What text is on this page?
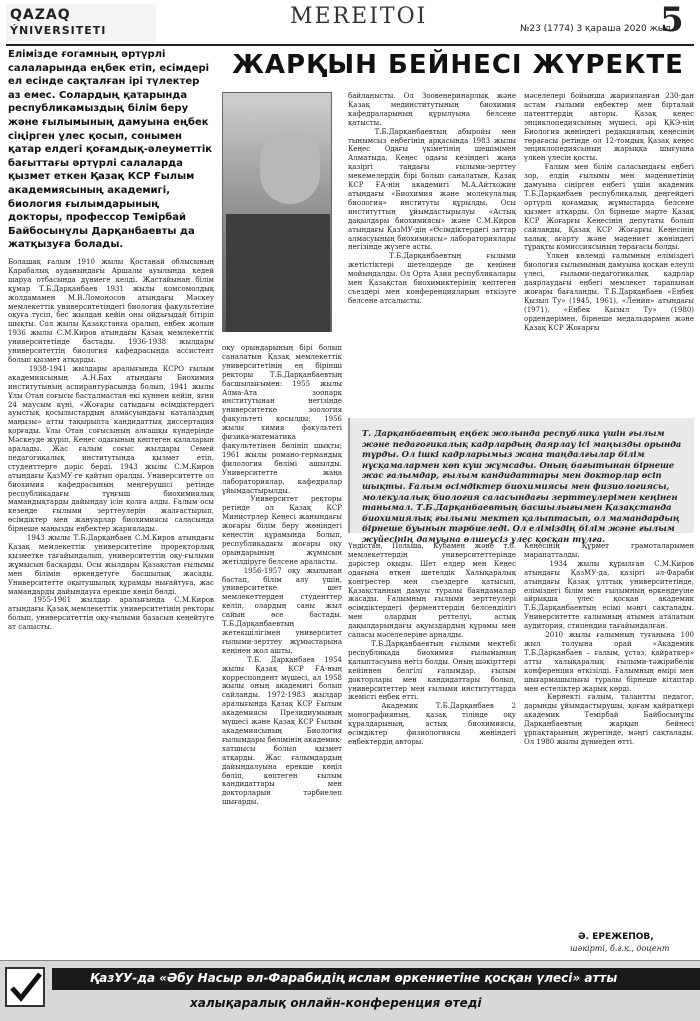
QAZAQ
ÝNIVERSITETI
MEREITOI	№23 (1774) 3 қараша 2020 жыл
5
ЖАРҚЫН БЕЙНЕСІ ЖҮРЕКТЕ
Елімізде ғогамның әртүрлі салаларында еңбек етіп, есімдері ел есінде сақталған ірі түлектер аз емес. Солардың қатарында республикамыздың білім беру және ғылымының дамуына еңбек сіңірген ұлес қосып, сонымен қатар елдегі қоғамдық-әлеуметтік бағыттағы әртүрлі салаларда қызмет еткен Қазақ КСР Ғылым академиясының академигі, биология ғылымдарының докторы, профессор Темірбай Байбосынұлы Дарқанбаевты да жатқызуға болады.
Болашақ ғалым 1910 жылы Қостанай облысының Қарабалық ауданындағы Аршалы ауылында кедей шаруа отбасында дүниеге келді. Жастайынан білім құмар Т.Б.Дарқанбаев 1931 жылы комсомолдық жолдамамен М.В.Ломоносов атындағы Мәскеу мемлекеттік университетіндегі биология факультетіне оқуға түсіп, бес жылдан кейін оны ойдағыдай бітіріп шықты. Сол жылы Қазақстанға оралып, еңбек жолын 1936 жылы С.М.Киров атындағы Қазақ мемлекеттік университетінде бастады. 1936-1938 жылдары университеттің биология кафедрасында ассистент болып қызмет атқарды.
	1938-1941 жылдары аралығында КСРО ғылым академиясының А.Н.Бах атындағы Биохимия институтының аспирантурасында болып, 1941 жылы Ұлы Отан соғысы басталмастан екі күннен кейін, яғни 24 маусым күні, «Жоғары сатыдағы өсімдіктердегі ауыстық қосылыстардың алмасуындағы каталаздың маңызы» атты тақырыпта кандидаттық диссертация қорғады. Ұлы Отан соғысының алғашқы күндерінде Мәскеуде жүріп, Кеңес одағының көптеген қалаларын аралады. Жас ғалым соғыс жылдары Семей педагогикалық институтында қызмет етіп, студенттерге дәріс берді. 1943 жылы С.М.Киров атындағы ҚазМУ-ге қайтып оралды. Университетте ол биохимия кафедрасының меңгерушісі ретінде республикадағы тұңғыш биохимиялық мамандықтарды дайындау ісін қолға алды. Ғалым осы кезеңде ғылыми зерттеулерін жалғастырып, өсімдіктер мен жануарлар биохимиясы саласында бірнеше маңызды еңбектер жариялады.
	1943 жылы Т.Б.Дарқанбаев С.М.Киров атындағы Қазақ мемлекеттік университетіне проректорлық қызметке тағайындалып, университеттің оқу-ғылыми жұмысын басқарды. Осы жылдары Қазақстан ғылымы мен білімін өркендетуге басшылық жасады. Университетте оқытушылық құрамды нығайтуға, жас мамандарды дайындауға ерекше көңіл бөлді.
	1955-1961 жылдар аралығында С.М.Киров атындағы Қазақ мемлекеттік университетінің ректоры болып, университеттің оқу-ғылыми базасын кеңейтуге ат салысты.
оқу орындарының бірі болып саналатын Қазақ мемлекеттік университетінің ең бірінші ректоры Т.Б.Дарқанбаевтың басшылығымен: 1955 жылы Алма-Ата зоопарк институтынан негізінде университетке зоология факультеті қосылды; 1956 жылы химия факультеті физика-математика факультетінен бөлініп шықты; 1961 жылы романо-германдық филология бөлімі ашылды. Университетте жаңа лабораториялар, кафедралар ұйымдастырылды.
	Университет ректоры ретінде ол Қазақ КСР Министрлер Кеңесі жанындағы жоғары білім беру жөніндегі кеңестің құрамында болып, республикадағы жоғары оқу орындарының жұмысын жетілдіруге белсене араласты.
	1956-1957 оқу жылынан бастап, білім алу үшін, университетке шет мемлекеттерден студенттер келіп, олардың саны жыл сайын өсе бастады. Т.Б.Дарқанбаевтың жетекшілігімен университет ғылыми-зерттеу жұмыстарына кеңінен жол ашты.
	Т.Б. Дарқанбаев 1954 жылы Қазақ КСР ҒА-ның корреспондент мүшесі, ал 1958 жылы оның академигі болып сайланды. 1972-1983 жылдар аралығында Қазақ КСР Ғылым академиясы Президиумының мүшесі және Қазақ КСР Ғылым академиясының Биология ғылымдары бөлімінің академик-хатшысы болып қызмет атқарды. Жас ғалымдардың дайындалуына ерекше көңіл бөліп, көптеген ғылым кандидаттары мен докторларын тәрбиелеп шығарды.
байланысты. Ол Зоовенеринарлық және Қазақ мединститутының биохимия кафедраларының құрылуына белсене қатысты.
	Т.Б.Дарқанбаевтың абыройы мен тынымсыз еңбегінің арқасында 1983 жылы Кеңес Одағы үкіметінің шешімімен Алматыда, Кеңес одағы кезіндегі жаңа қазіргі таңдағы ғылыми-зерттеу мекемелердің бірі болып саналатын, Қазақ КСР ҒА-нің академигі М.А.Айтхожин атындағы «Биохимия және молекулалық биология» институты құрылды. Осы институттың ұйымдастырылуы «Астық дақылдары биохимиясы» және С.М.Киров атындағы ҚазМУ-дің «Өсімдіктердегі заттар алмасуының биохимиясы» лабораториялары негізінде жүзеге асты.
	Т.Б.Дарқанбаевтың ғылыми жетістіктері шетелдерде де кеңінен мойындалды. Ол Орта Азия республикалары мен Қазақстан биохимиктерінің көптеген съездері мен конференцияларын өткізуге белсене атсалысты.
мәселелері бойынша жарияланған 230-дан астам ғылыми еңбектер мен бірталай патенттердің авторы. Қазақ кеңес энциклопедиясының мүшесі, әрі ҚКЭ-нің Биология жөніндегі редакциялық кеңесінің төрағасы ретінде ол 12-томдық Қазақ кеңес энциклопедиясының жарыққа шығуына үлкен үлесін қосты.
	Ғалым мен білім саласындағы еңбегі зор, елдің ғылымы мен мәдениетінің дамуына сіңірген еңбегі үшін академик Т.Б.Дарқанбаев республикалық деңгейдегі әртүрлі қоғамдық жұмыстарда белсене қызмет атқарды. Ол бірнеше мәрте Қазақ КСР Жоғарғы Кеңесінің депутаты болып сайланды, Қазақ КСР Жоғарғы Кеңесінің халық ағарту және мәдениет жөніндегі тұрақты комиссиясының төрағасы болды.
	Үлкен көлемді ғалымның еліміздегі биология ғылымының дамуына қосқан елеулі үлесі, ғылыми-педагогикалық кадрлар даярлаудағы еңбегі мемлекет тарапынан жоғары бағаланды. Т.Б.Дарқанбаев «Еңбек Қызыл Ту» (1945, 1961), «Ленин» атындағы (1971), «Еңбек Қызыл Ту» (1980) ордендерімен, бірнеше медальдармен және Қазақ КСР Жоғарғы
Т. Дарқанбаевтың еңбек жолында республика үшін ғылым және педагогикалық кадрлардың даярлау ісі маңызды орында тұрды. Ол ішкі кадрларымыз жана таңдалғылар білім нұсқамалармен көп күш жұмсады. Оның бағытынан бірнеше жас ғалымдар, ғылым кандидаттары мен докторлар өсіп шықты. Ғалым өсімдіктер биохимиясы мен физиологиясы, молекулалық биология саласындағы зерттеулерімен кеңінен танымал. Т.Б.Дарқанбаевтың басшылығымен Қазақстанда биохимиялық ғылыми мектеп қалыптасып, ол мамандардың бірнеше буынын тәрбиеледі. Ол еліміздің білім және ғылым жүйесінің дамуына өлшеусіз үлес қосқан тұлға.
Үндістан, Польша, Кубамен және т.б. мемлекеттердің университеттерінде дәрістер оқыды. Шет елдер мен Кеңес одағына өткен шетелдік Халықаралық конгрестер мен съездерге қатысып, Қазақстанның дамуы туралы баяндамалар жасады. Ғалымның ғылыми зерттеулері өсімдіктердегі ферменттердің белсенділігі мен олардың реттелуі, астық дақылдарындағы ақуыздардың құрамы мен сапасы мәселелеріне арналды.
	Т.Б.Дарқанбаевтың ғылыми мектебі республикада биохимия ғылымының қалыптасуына негіз болды. Оның шәкірттері кейіннен белгілі ғалымдар, ғылым докторлары мен кандидаттары болып, университеттер мен ғылыми институттарда жемісті еңбек етті.
	Академик Т.Б.Дарқанбаев 2 монографияның, қазақ тілінде оқу құралдарының, астық биохимиясы, өсімдіктер физиологиясы жөніндегі еңбектердің авторы.
Кеңесінің Құрмет грамоталарымен марапатталды.
	1934 жылы құрылған С.М.Киров атындағы ҚазМУ-да, қазіргі әл-Фараби атындағы Қазақ ұлттық университетінде, еліміздегі білім мен ғылымның өркендеуіне айрықша үлес қосқан академик Т.Б.Дарқанбаевтың есімі мәңгі сақталады. Университетте ғалымның атымен аталатын аудитория, стипендия тағайындалған.
	2010 жылы ғалымның туғанына 100 жыл толуына орай «Академик Т.Б.Дарқанбаев – ғалым, ұстаз, қайраткер» атты халықаралық ғылыми-тәжірибелік конференция өткізілді. Ғалымның өмірі мен шығармашылығы туралы бірнеше кітаптар мен естеліктер жарық көрді.
	Көрнекті ғалым, талантты педагог, дарынды ұйымдастырушы, қоғам қайраткері академик Темірбай Байбосынұлы Дарқанбаевтың жарқын бейнесі ұрпақтарының жүрегінде, мәңгі сақталады. Ол 1980 жылы дүниеден өтті.
Ә. ЕРЕЖЕПОВ,
шәкірті, б.ғ.к., доцент
ҚазҰУ-да «Әбу Насыр әл-Фарабидің ислам өркениетіне қосқан үлесі» атты
халықаралық онлайн-конференция өтеді
